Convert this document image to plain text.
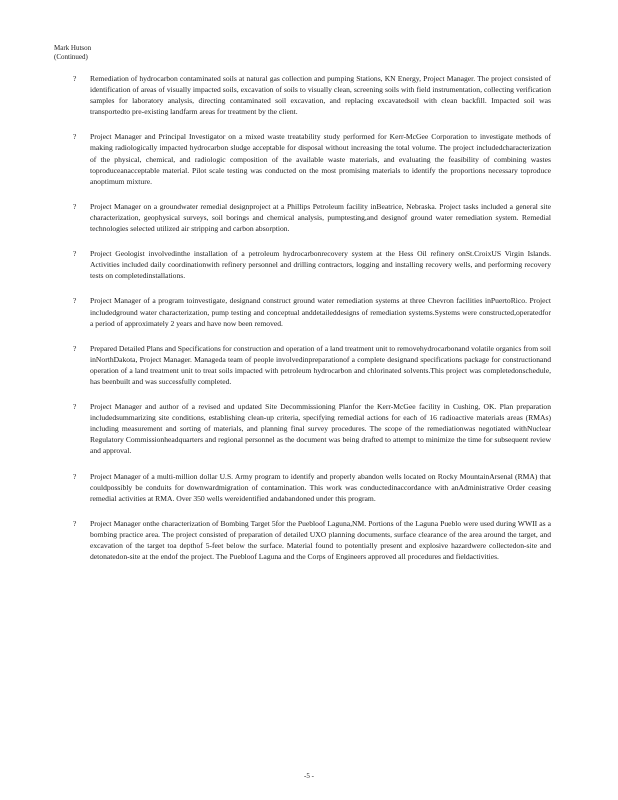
Mark Hutson
(Continued)
? Remediation of hydrocarbon contaminated soils at natural gas collection and pumping Stations, KN Energy, Project Manager. The project consisted of identification of areas of visually impacted soils, excavation of soils to visually clean, screening soils with field instrumentation, collecting verification samples for laboratory analysis, directing contaminated soil excavation, and replacing excavatedsoil with clean backfill. Impacted soil was transportedto pre-existing landfarm areas for treatment by the client.
? Project Manager and Principal Investigator on a mixed waste treatability study performed for Kerr-McGee Corporation to investigate methods of making radiologically impacted hydrocarbon sludge acceptable for disposal without increasing the total volume. The project includedcharacterization of the physical, chemical, and radiologic composition of the available waste materials, and evaluating the feasibility of combining wastes toproduceanacceptable material. Pilot scale testing was conducted on the most promising materials to identify the proportions necessary toproduce anoptimum mixture.
? Project Manager on a groundwater remedial designproject at a Phillips Petroleum facility inBeatrice, Nebraska. Project tasks included a general site characterization, geophysical surveys, soil borings and chemical analysis, pumptesting,and designof ground water remediation system. Remedial technologies selected utilized air stripping and carbon absorption.
? Project Geologist involvedinthe installation of a petroleum hydrocarbonrecovery system at the Hess Oil refinery onSt.CroixUS Virgin Islands. Activities included daily coordinationwith refinery personnel and drilling contractors, logging and installing recovery wells, and performing recovery tests on completedinstallations.
? Project Manager of a program toinvestigate, designand construct ground water remediation systems at three Chevron facilities inPuertoRico. Project includedground water characterization, pump testing and conceptual anddetaileddesigns of remediation systems.Systems were constructed,operatedfor a period of approximately 2 years and have now been removed.
? Prepared Detailed Plans and Specifications for construction and operation of a land treatment unit to removehydrocarbonand volatile organics from soil inNorthDakota, Project Manager. Manageda team of people involvedinpreparationof a complete designand specifications package for constructionand operation of a land treatment unit to treat soils impacted with petroleum hydrocarbon and chlorinated solvents.This project was completedonschedule, has beenbuilt and was successfully completed.
? Project Manager and author of a revised and updated Site Decommissioning Planfor the Kerr-McGee facility in Cushing, OK. Plan preparation includedsummarizing site conditions, establishing clean-up criteria, specifying remedial actions for each of 16 radioactive materials areas (RMAs) including measurement and sorting of materials, and planning final survey procedures. The scope of the remediationwas negotiated withNuclear Regulatory Commissionheadquarters and regional personnel as the document was being drafted to attempt to minimize the time for subsequent review and approval.
? Project Manager of a multi-million dollar U.S. Army program to identify and properly abandon wells located on Rocky MountainArsenal (RMA) that couldpossibly be conduits for downwardmigration of contamination. This work was conductedinaccordance with anAdministrative Order ceasing remedial activities at RMA. Over 350 wells wereidentified andabandoned under this program.
? Project Manager onthe characterization of Bombing Target 5for the Puebloof Laguna,NM. Portions of the Laguna Pueblo were used during WWII as a bombing practice area. The project consisted of preparation of detailed UXO planning documents, surface clearance of the area around the target, and excavation of the target toa depthof 5-feet below the surface. Material found to potentially present and explosive hazardwere collectedon-site and detonatedon-site at the endof the project. The Puebloof Laguna and the Corps of Engineers approved all procedures and fieldactivities.
-5 -
